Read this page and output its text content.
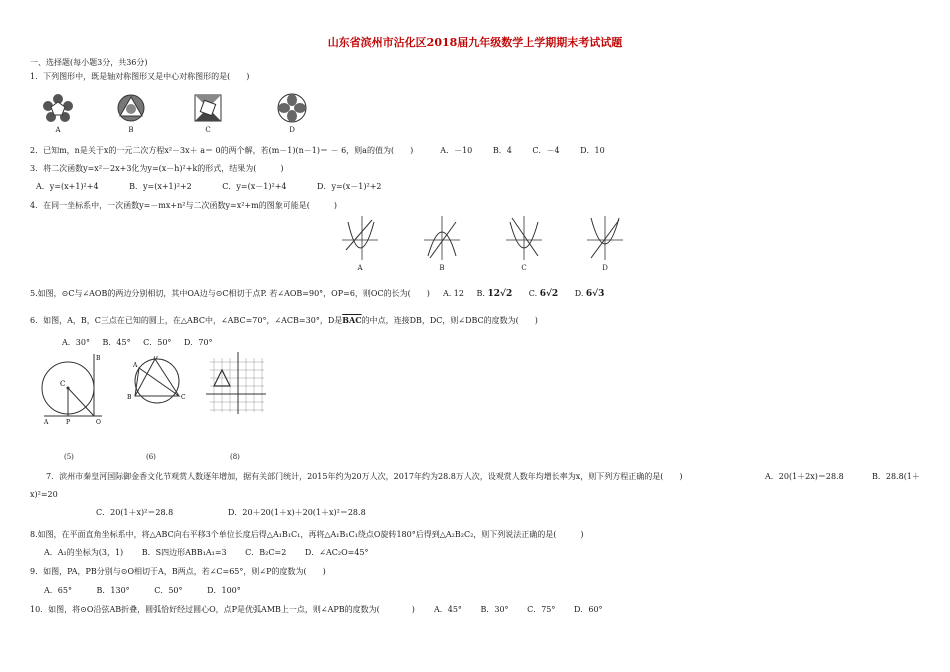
山东省滨州市沾化区2018届九年级数学上学期期末考试试题
一、选择题(每小题3分，共36分)
1．下列图形中，既是轴对称图形又是中心对称图形的是(　　)
A	B	C	D
2．已知m，n是关于x的一元二次方程x²－3x＋ a＝ 0的两个解，若(m－1)(n－1)＝ － 6，则a的值为(　　)	A．－10	B．4	C．－4	D．10
3．将二次函数y=x²－2x+3化为y=(x－h)²+k的形式，结果为(　　　)
A．y=(x+1)²+4	B．y=(x+1)²+2	C．y=(x－1)²+4	D．y=(x－1)²+2
4．在同一坐标系中，一次函数y=－mx+n²与二次函数y=x²+m的图象可能是(　　　)
A	B	C	D
5.如图，⊙C与∠AOB的两边分别相切，其中OA边与⊙C相切于点P. 若∠AOB=90°，OP=6，则OC的长为(　　) A. 12 B. 12√2 C. 6√2 D. 6√3
6．如图，A，B，C三点在已知的圆上，在△ABC中，∠ABC=70°，∠ACB=30°，D是$\overline{BAC}$的中点，连接DB，DC，则∠DBC的度数为(　　)
A．30° B．45° C．50° D．70°
C
P	O
A
B
A
B	C
D
(5)	(6)	(8)
7．滨州市秦皇河国际御金香文化节观赏人数逐年增加，据有关部门统计，2015年约为20万人次，2017年约为28.8万人次，设观赏人数年均增长率为x，则下列方程正确的是(　　)	A．20(1＋2x)＝28.8	B．28.8(1＋
x)²=20
C．20(1＋x)²＝28.8	D．20＋20(1＋x)＋20(1＋x)²＝28.8
8.如图，在平面直角坐标系中，将△ABC向右平移3个单位长度后得△A₁B₁C₁，再将△A₁B₁C₁绕点O旋转180°后得到△A₂B₂C₂，则下列说法正确的是(　　　)
A．A₁的坐标为(3，1) B．S四边形ABB₁A₁=3 C．B₂C=2 D．∠AC₂O=45°
9．如图，PA，PB分别与⊙O相切于A，B两点，若∠C=65°，则∠P的度数为(　　)
A．65°	B．130°	C．50°	D．100°
10．如图，将⊙O沿弦AB折叠，圆弧恰好经过圆心O，点P是优弧AMB上一点，则∠APB的度数为(　　　　) A．45° B．30° C．75° D．60°
